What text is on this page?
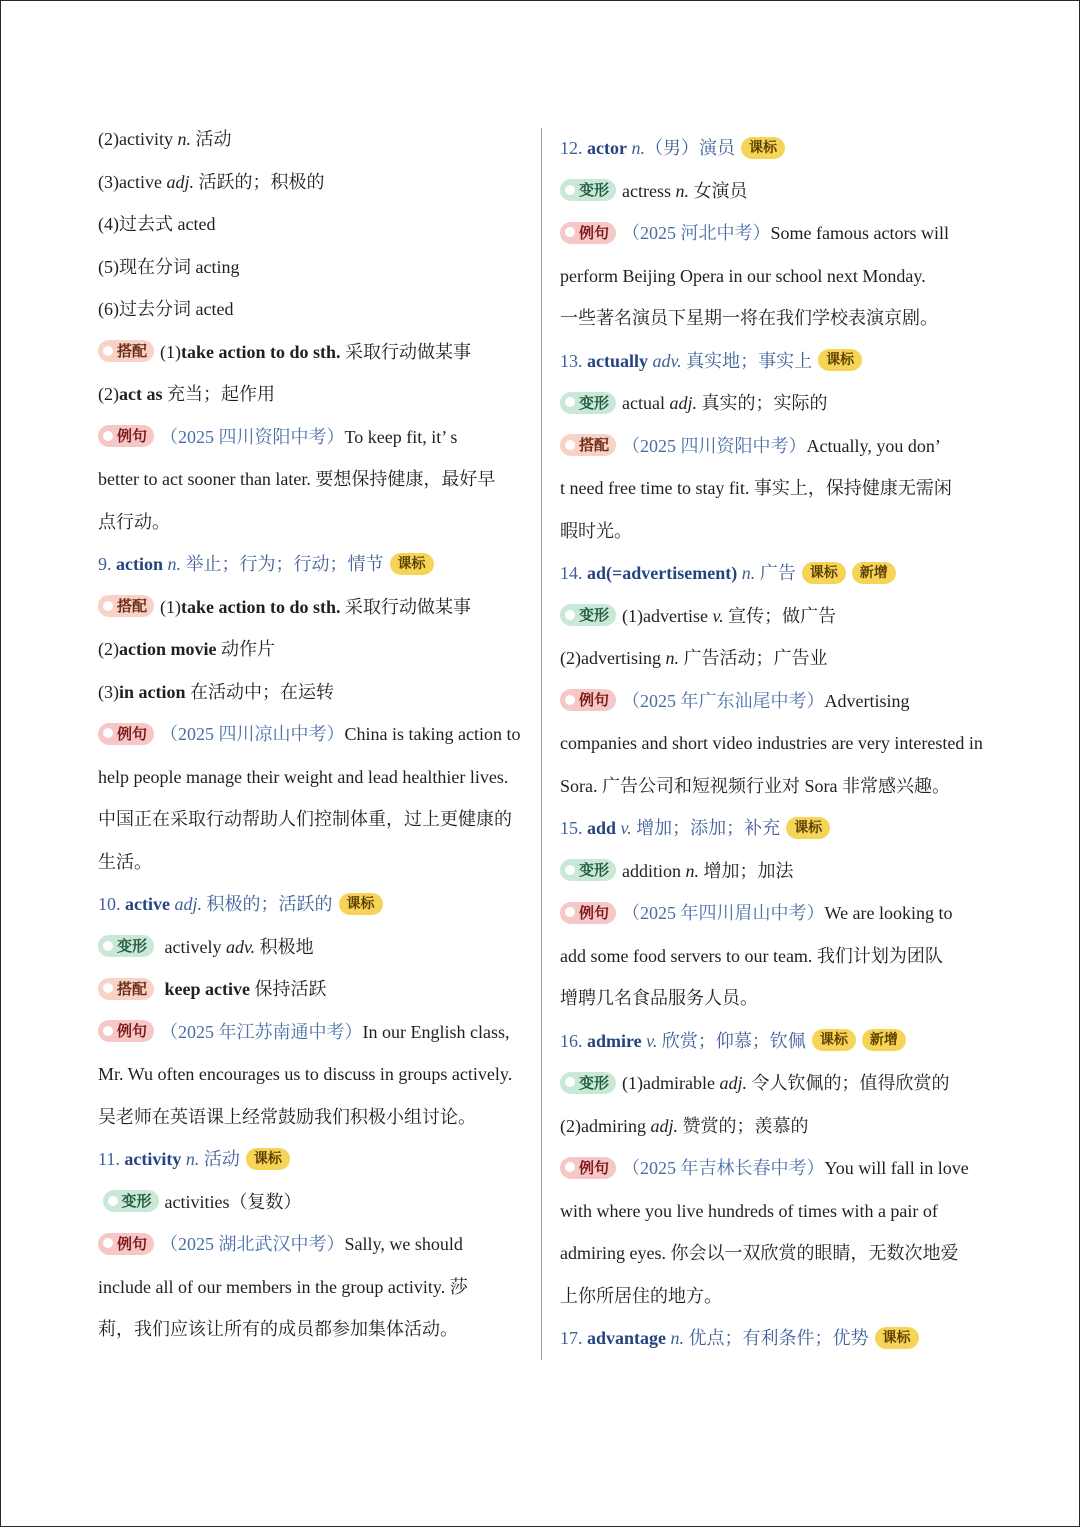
(2)activity n. 活动
(3)active adj. 活跃的；积极的
(4)过去式 acted
(5)现在分词 acting
(6)过去分词 acted
搭配 (1)take action to do sth. 采取行动做某事
(2)act as 充当；起作用
例句 （2025 四川资阳中考）To keep fit, it’ s
better to act sooner than later. 要想保持健康，最好早
点行动。
9. action n. 举止；行为；行动；情节 课标
搭配 (1)take action to do sth. 采取行动做某事
(2)action movie 动作片
(3)in action 在活动中；在运转
例句 （2025 四川凉山中考）China is taking action to
help people manage their weight and lead healthier lives.
中国正在采取行动帮助人们控制体重，过上更健康的
生活。
10. active adj. 积极的；活跃的 课标
变形 actively adv. 积极地
搭配 keep active 保持活跃
例句 （2025 年江苏南通中考）In our English class,
Mr. Wu often encourages us to discuss in groups actively.
吴老师在英语课上经常鼓励我们积极小组讨论。
11. activity n. 活动 课标
变形 activities（复数）
例句 （2025 湖北武汉中考）Sally, we should
include all of our members in the group activity. 莎
莉，我们应该让所有的成员都参加集体活动。
12. actor n.（男）演员 课标
变形 actress n. 女演员
例句 （2025 河北中考）Some famous actors will
perform Beijing Opera in our school next Monday.
一些著名演员下星期一将在我们学校表演京剧。
13. actually adv. 真实地；事实上 课标
变形 actual adj. 真实的；实际的
搭配 （2025 四川资阳中考）Actually, you don’
t need free time to stay fit. 事实上，保持健康无需闲
暇时光。
14. ad(=advertisement) n. 广告 课标 新增
变形 (1)advertise v. 宣传；做广告
(2)advertising n. 广告活动；广告业
例句 （2025 年广东汕尾中考）Advertising
companies and short video industries are very interested in
Sora. 广告公司和短视频行业对 Sora 非常感兴趣。
15. add v. 增加；添加；补充 课标
变形 addition n. 增加；加法
例句 （2025 年四川眉山中考）We are looking to
add some food servers to our team. 我们计划为团队
增聘几名食品服务人员。
16. admire v. 欣赏；仰慕；钦佩 课标 新增
变形 (1)admirable adj. 令人钦佩的；值得欣赏的
(2)admiring adj. 赞赏的；羡慕的
例句 （2025 年吉林长春中考）You will fall in love
with where you live hundreds of times with a pair of
admiring eyes. 你会以一双欣赏的眼睛，无数次地爱
上你所居住的地方。
17. advantage n. 优点；有利条件；优势 课标
